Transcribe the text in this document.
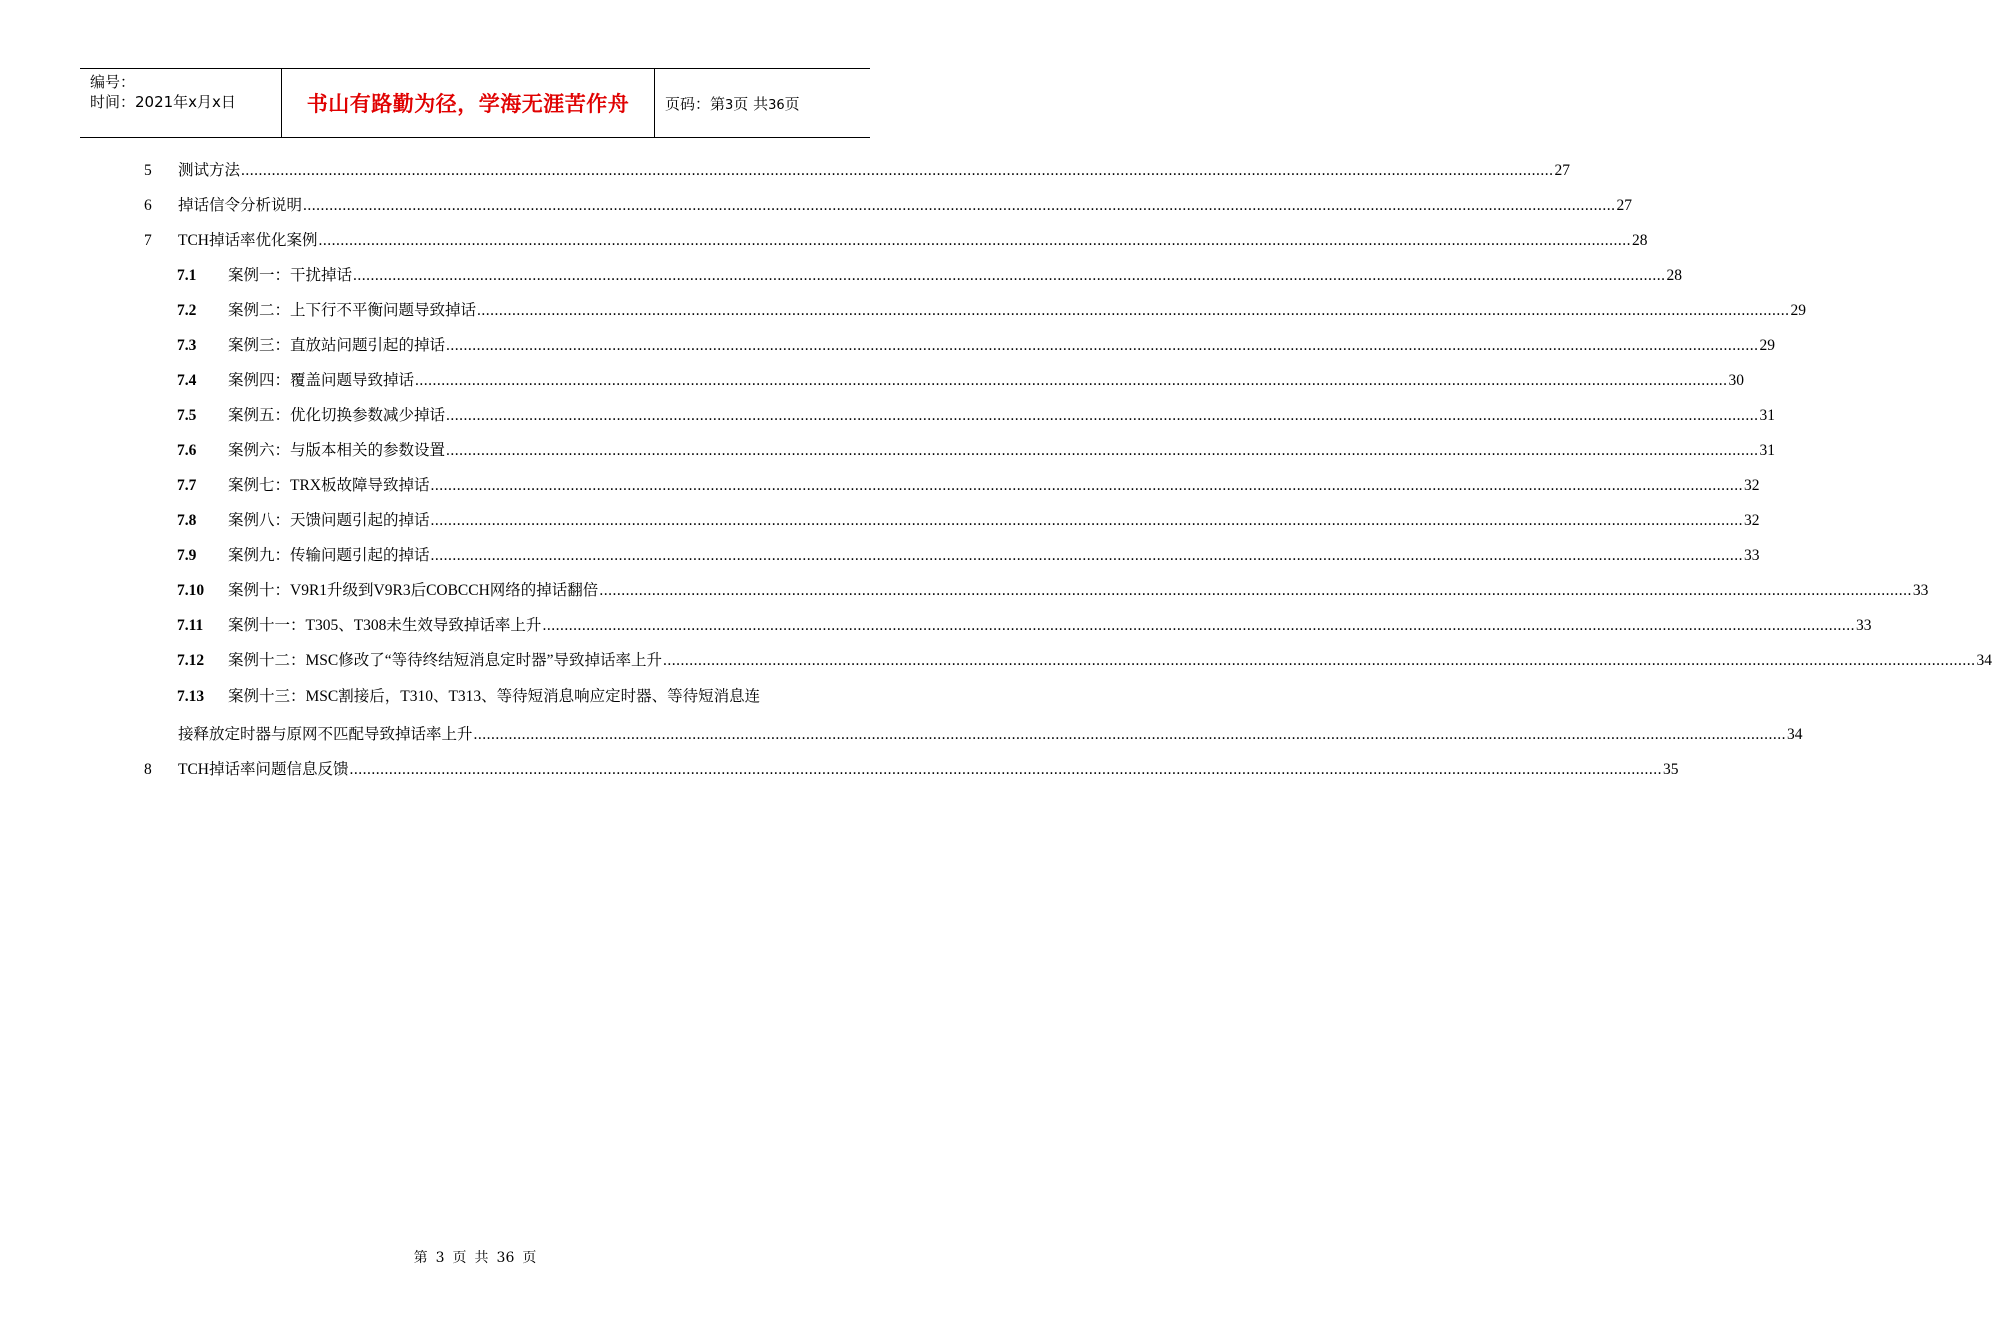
编号：
时间：2021年x月x日	书山有路勤为径，学海无涯苦作舟	页码：第3页 共36页
5 测试方法 ............................................................................................................................................................................................................................................................................................................ 27
6 掉话信令分析说明 ............................................................................................................................................................................................................................................................................................................ 27
7 TCH掉话率优化案例 ............................................................................................................................................................................................................................................................................................................ 28
7.1 案例一：干扰掉话 ............................................................................................................................................................................................................................................................................................................ 28
7.2 案例二：上下行不平衡问题导致掉话 ............................................................................................................................................................................................................................................................................................................ 29
7.3 案例三：直放站问题引起的掉话 ............................................................................................................................................................................................................................................................................................................ 29
7.4 案例四：覆盖问题导致掉话 ............................................................................................................................................................................................................................................................................................................ 30
7.5 案例五：优化切换参数减少掉话 ............................................................................................................................................................................................................................................................................................................ 31
7.6 案例六：与版本相关的参数设置 ............................................................................................................................................................................................................................................................................................................ 31
7.7 案例七：TRX板故障导致掉话 ............................................................................................................................................................................................................................................................................................................ 32
7.8 案例八：天馈问题引起的掉话 ............................................................................................................................................................................................................................................................................................................ 32
7.9 案例九：传输问题引起的掉话 ............................................................................................................................................................................................................................................................................................................ 33
7.10 案例十：V9R1升级到V9R3后COBCCH网络的掉话翻倍 ............................................................................................................................................................................................................................................................................................................ 33
7.11 案例十一：T305、T308未生效导致掉话率上升 ............................................................................................................................................................................................................................................................................................................ 33
7.12 案例十二：MSC修改了“等待终结短消息定时器”导致掉话率上升 ............................................................................................................................................................................................................................................................................................................ 34
7.13 案例十三：MSC割接后，T310、T313、等待短消息响应定时器、等待短消息连
接释放定时器与原网不匹配导致掉话率上升 ............................................................................................................................................................................................................................................................................................................ 34
8 TCH掉话率问题信息反馈 ............................................................................................................................................................................................................................................................................................................ 35
第 3 页 共 36 页
